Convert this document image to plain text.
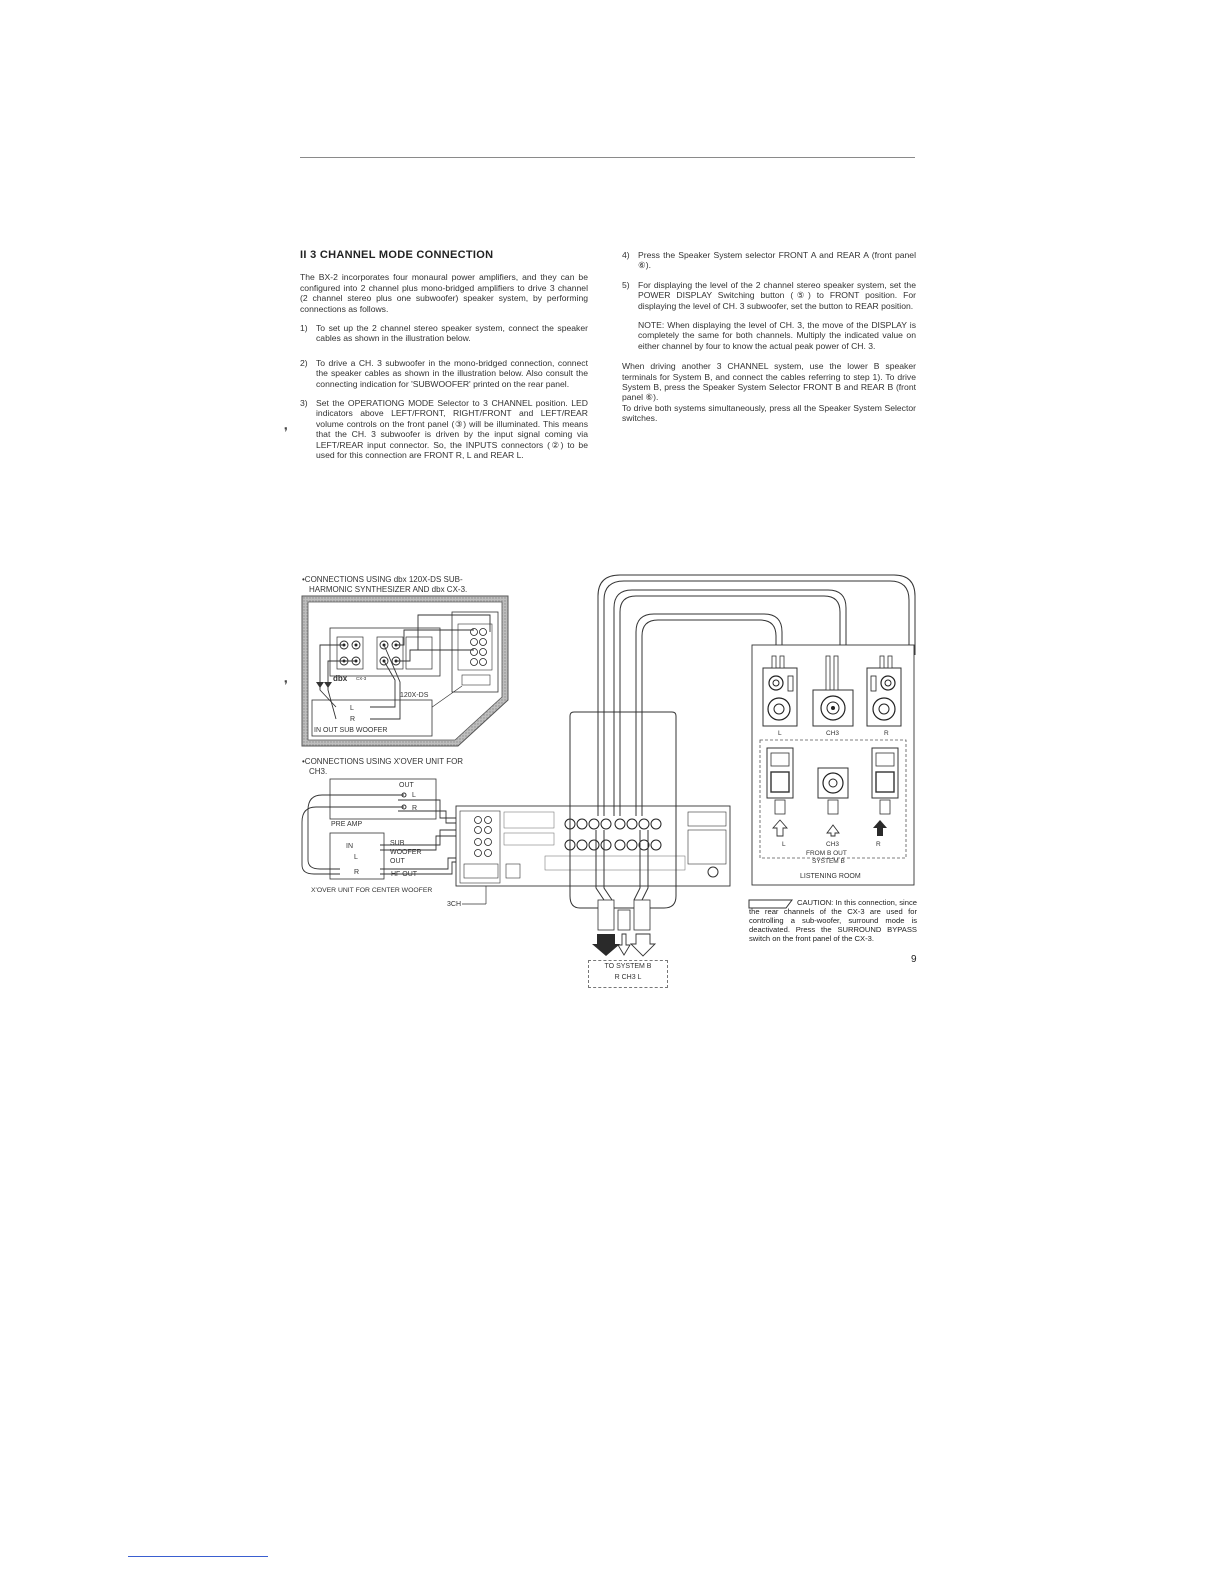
II 3 CHANNEL MODE CONNECTION
The BX-2 incorporates four monaural power amplifiers, and they can be configured into 2 channel plus mono-bridged amplifiers to drive 3 channel (2 channel stereo plus one subwoofer) speaker system, by performing connections as follows.
1) To set up the 2 channel stereo speaker system, connect the speaker cables as shown in the illustration below.
2) To drive a CH. 3 subwoofer in the mono-bridged connection, connect the speaker cables as shown in the illustration below. Also consult the connecting indication for 'SUBWOOFER' printed on the rear panel.
3) Set the OPERATIONG MODE Selector to 3 CHANNEL position. LED indicators above LEFT/FRONT, RIGHT/FRONT and LEFT/REAR volume controls on the front panel (③) will be illuminated. This means that the CH. 3 subwoofer is driven by the input signal coming via LEFT/REAR input connector. So, the INPUTS connectors (②) to be used for this connection are FRONT R, L and REAR L.
4) Press the Speaker System selector FRONT A and REAR A (front panel ⑥).
5) For displaying the level of the 2 channel stereo speaker system, set the POWER DISPLAY Switching button (⑤) to FRONT position. For displaying the level of CH. 3 subwoofer, set the button to REAR position.
NOTE: When displaying the level of CH. 3, the move of the DISPLAY is completely the same for both channels. Multiply the indicated value on either channel by four to know the actual peak power of CH. 3.
When driving another 3 CHANNEL system, use the lower B speaker terminals for System B, and connect the cables referring to step 1). To drive System B, press the Speaker System Selector FRONT B and REAR B (front panel ⑥).
To drive both systems simultaneously, press all the Speaker System Selector switches.
❜
❜
•CONNECTIONS USING dbx 120X-DS SUB-
HARMONIC SYNTHESIZER AND dbx CX-3.
•CONNECTIONS USING X'OVER UNIT FOR
CH3.
dbx CX-3
120X-DS
L
R
IN OUT SUB WOOFER
OUT
L
R
PRE AMP
IN
L
R
SUB
WOOFER
OUT
HF OUT
X'OVER UNIT FOR CENTER WOOFER
3CH
L	CH3	R
L	CH3	R
FROM B OUT
SYSTEM B
LISTENING ROOM
CAUTION: In this connection, since the rear channels of the CX-3 are used for controlling a sub-woofer, surround mode is deactivated. Press the SURROUND BYPASS switch on the front panel of the CX-3.
9
TO SYSTEM B
R CH3 L
